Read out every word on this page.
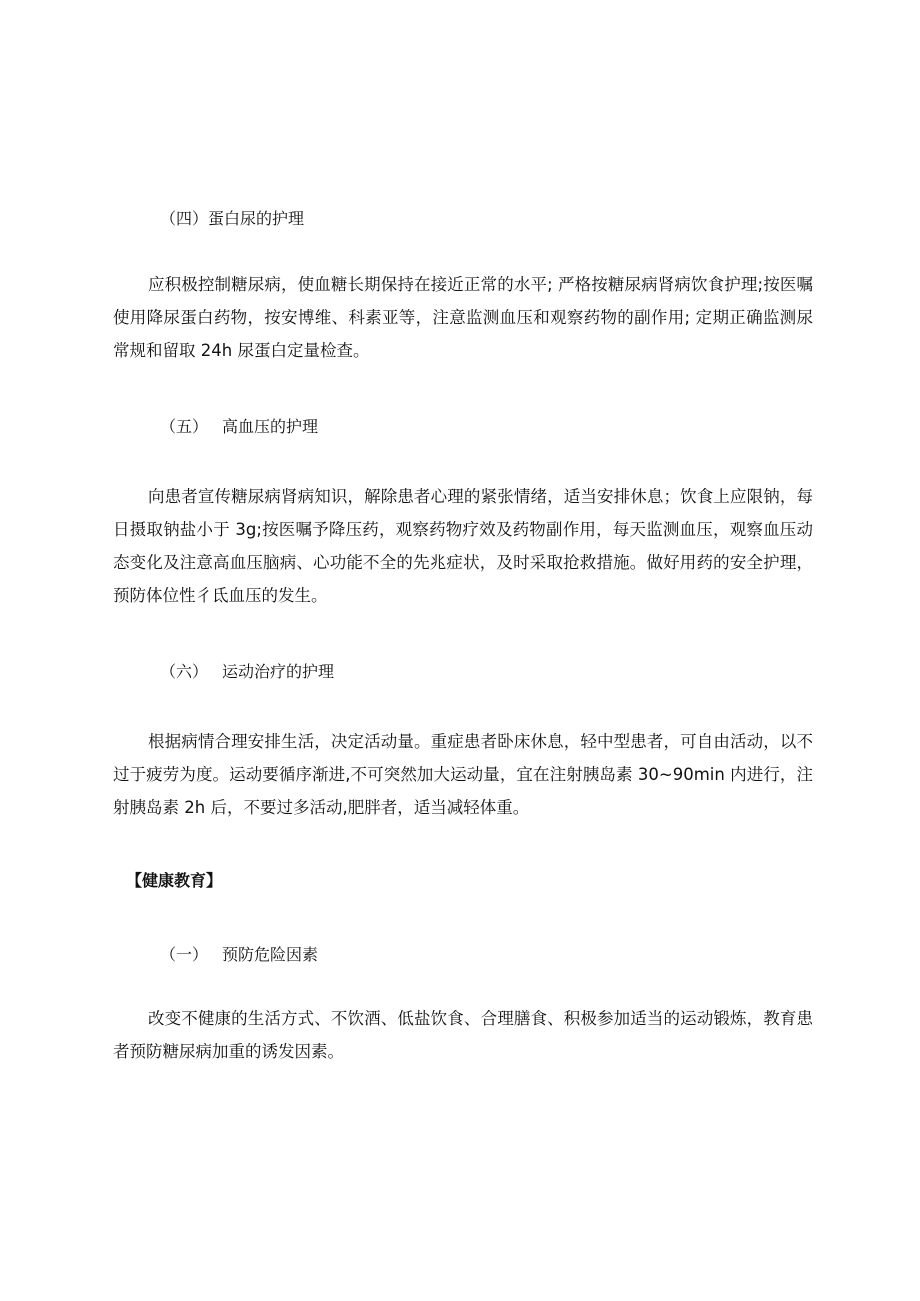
（四）蛋白尿的护理
应积极控制糖尿病，使血糖长期保持在接近正常的水平; 严格按糖尿病肾病饮食护理;按医嘱使用降尿蛋白药物，按安博维、科素亚等，注意监测血压和观察药物的副作用; 定期正确监测尿常规和留取 24h 尿蛋白定量检查。
（五） 高血压的护理
向患者宣传糖尿病肾病知识，解除患者心理的紧张情绪，适当安排休息；饮食上应限钠，每日摄取钠盐小于 3g;按医嘱予降压药，观察药物疗效及药物副作用，每天监测血压，观察血压动态变化及注意高血压脑病、心功能不全的先兆症状，及时采取抢救措施。做好用药的安全护理，预防体位性彳氐血压的发生。
（六） 运动治疗的护理
根据病情合理安排生活，决定活动量。重症患者卧床休息，轻中型患者，可自由活动，以不过于疲劳为度。运动要循序渐进,不可突然加大运动量，宜在注射胰岛素 30~90min 内进行，注射胰岛素 2h 后，不要过多活动,肥胖者，适当减轻体重。
【健康教育】
（一） 预防危险因素
改变不健康的生活方式、不饮酒、低盐饮食、合理膳食、积极参加适当的运动锻炼，教育患者预防糖尿病加重的诱发因素。
